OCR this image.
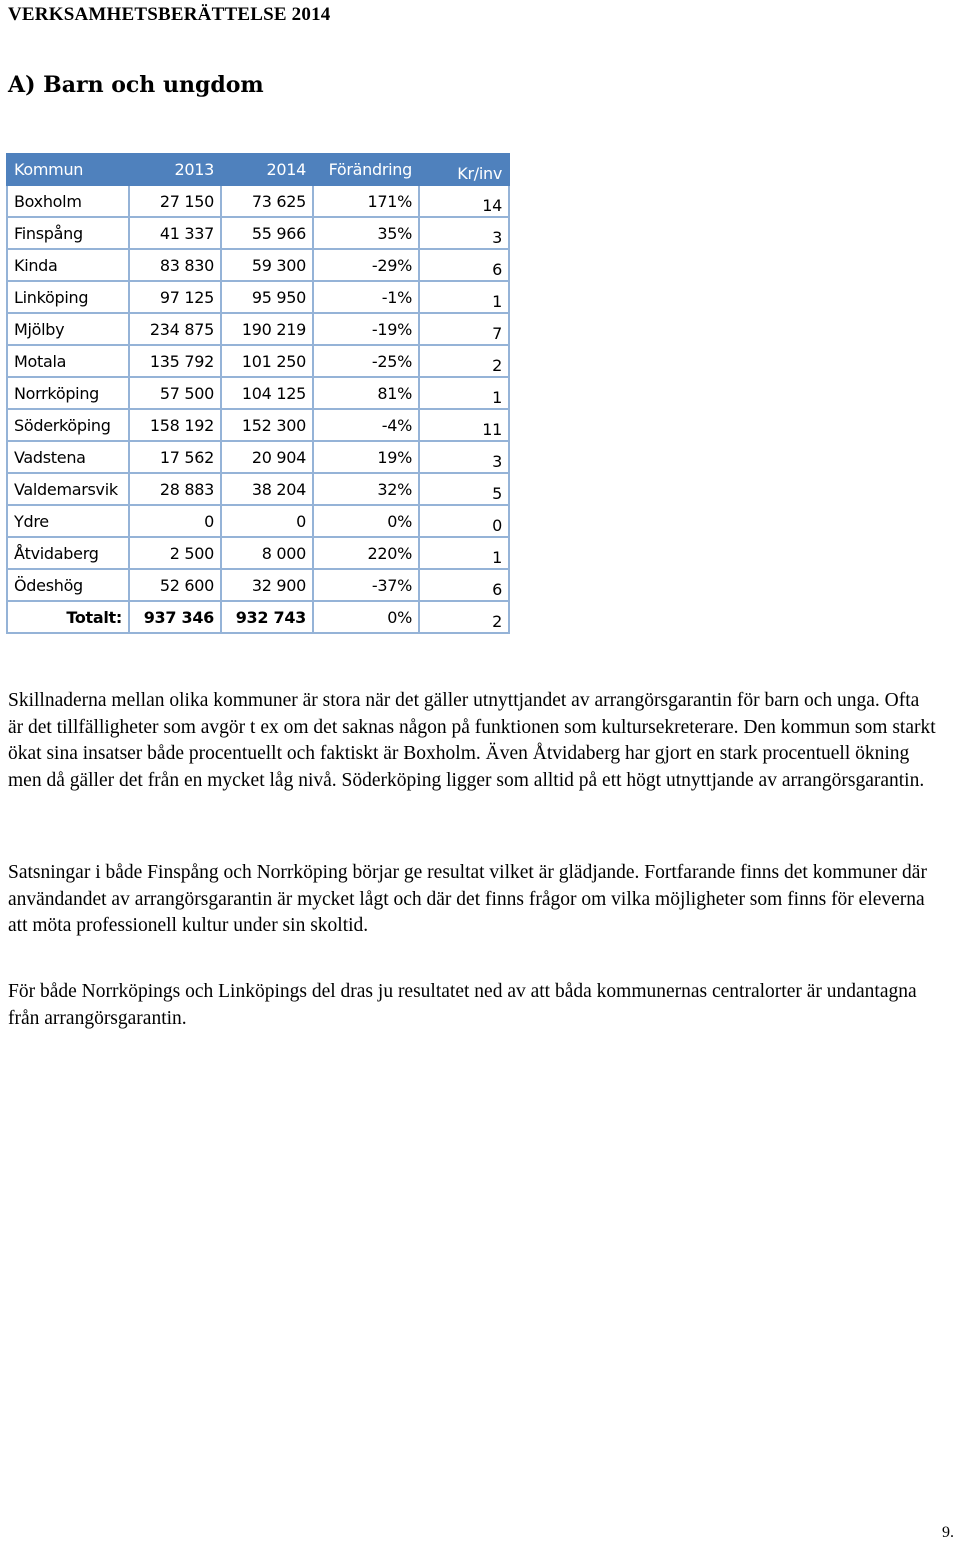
VERKSAMHETSBERÄTTELSE 2014
A) Barn och ungdom
Kommun	2013	2014	Förändring	Kr/inv
Boxholm	27 150	73 625	171%	14
Finspång	41 337	55 966	35%	3
Kinda	83 830	59 300	-29%	6
Linköping	97 125	95 950	-1%	1
Mjölby	234 875	190 219	-19%	7
Motala	135 792	101 250	-25%	2
Norrköping	57 500	104 125	81%	1
Söderköping	158 192	152 300	-4%	11
Vadstena	17 562	20 904	19%	3
Valdemarsvik	28 883	38 204	32%	5
Ydre	0	0	0%	0
Åtvidaberg	2 500	8 000	220%	1
Ödeshög	52 600	32 900	-37%	6
Totalt:	937 346	932 743	0%	2

Skillnaderna mellan olika kommuner är stora när det gäller utnyttjandet av arrangörsgarantin för barn och unga. Ofta är det tillfälligheter som avgör t ex om det saknas någon på funktionen som kultursekreterare. Den kommun som starkt ökat sina insatser både procentuellt och faktiskt är Boxholm. Även Åtvidaberg har gjort en stark procentuell ökning men då gäller det från en mycket låg nivå. Söderköping ligger som alltid på ett högt utnyttjande av arrangörsgarantin.

Satsningar i både Finspång och Norrköping börjar ge resultat vilket är glädjande. Fortfarande finns det kommuner där användandet av arrangörsgarantin är mycket lågt och där det finns frågor om vilka möjligheter som finns för eleverna att möta professionell kultur under sin skoltid.

För både Norrköpings och Linköpings del dras ju resultatet ned av att båda kommunernas centralorter är undantagna från arrangörsgarantin.

9.
